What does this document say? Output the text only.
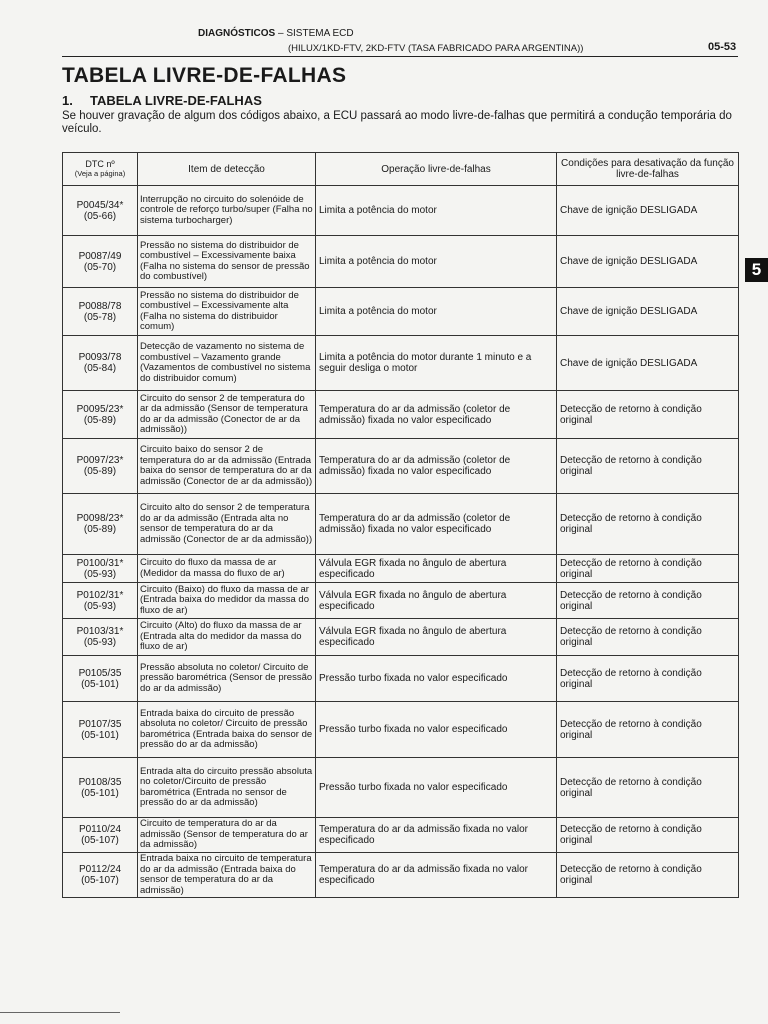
DIAGNÓSTICOS – SISTEMA ECD
(HILUX/1KD-FTV, 2KD-FTV (TASA FABRICADO PARA ARGENTINA))	05-53
TABELA LIVRE-DE-FALHAS
1. TABELA LIVRE-DE-FALHAS
Se houver gravação de algum dos códigos abaixo, a ECU passará ao modo livre-de-falhas que permitirá a condução temporária do veículo.
5
DTC nº
(Veja a página)	Item de detecção	Operação livre-de-falhas	Condições para desativação da função livre-de-falhas

P0045/34*
(05-66)	Interrupção no circuito do solenóide de controle de reforço turbo/super (Falha no sistema turbocharger)	Limita a potência do motor	Chave de ignição DESLIGADA

P0087/49
(05-70)	Pressão no sistema do distribuidor de combustível – Excessivamente baixa (Falha no sistema do sensor de pressão do combustível)	Limita a potência do motor	Chave de ignição DESLIGADA

P0088/78
(05-78)	Pressão no sistema do distribuidor de combustível – Excessivamente alta (Falha no sistema do distribuidor comum)	Limita a potência do motor	Chave de ignição DESLIGADA

P0093/78
(05-84)	Detecção de vazamento no sistema de combustível – Vazamento grande (Vazamentos de combustível no sistema do distribuidor comum)	Limita a potência do motor durante 1 minuto e a seguir desliga o motor	Chave de ignição DESLIGADA

P0095/23*
(05-89)	Circuito do sensor 2 de temperatura do ar da admissão (Sensor de temperatura do ar da admissão (Conector de ar da admissão))	Temperatura do ar da admissão (coletor de admissão) fixada no valor especificado	Detecção de retorno à condição original

P0097/23*
(05-89)	Circuito baixo do sensor 2 de temperatura do ar da admissão (Entrada baixa do sensor de temperatura do ar da admissão (Conector de ar da admissão))	Temperatura do ar da admissão (coletor de admissão) fixada no valor especificado	Detecção de retorno à condição original

P0098/23*
(05-89)	Circuito alto do sensor 2 de temperatura do ar da admissão (Entrada alta no sensor de temperatura do ar da admissão (Conector de ar da admissão))	Temperatura do ar da admissão (coletor de admissão) fixada no valor especificado	Detecção de retorno à condição original

P0100/31*
(05-93)	Circuito do fluxo da massa de ar (Medidor da massa do fluxo de ar)	Válvula EGR fixada no ângulo de abertura especificado	Detecção de retorno à condição original

P0102/31*
(05-93)	Circuito (Baixo) do fluxo da massa de ar (Entrada baixa do medidor da massa do fluxo de ar)	Válvula EGR fixada no ângulo de abertura especificado	Detecção de retorno à condição original

P0103/31*
(05-93)	Circuito (Alto) do fluxo da massa de ar (Entrada alta do medidor da massa do fluxo de ar)	Válvula EGR fixada no ângulo de abertura especificado	Detecção de retorno à condição original

P0105/35
(05-101)	Pressão absoluta no coletor/ Circuito de pressão barométrica (Sensor de pressão do ar da admissão)	Pressão turbo fixada no valor especificado	Detecção de retorno à condição original

P0107/35
(05-101)	Entrada baixa do circuito de pressão absoluta no coletor/ Circuito de pressão barométrica (Entrada baixa do sensor de pressão do ar da admissão)	Pressão turbo fixada no valor especificado	Detecção de retorno à condição original

P0108/35
(05-101)	Entrada alta do circuito pressão absoluta no coletor/Circuito de pressão barométrica (Entrada no sensor de pressão do ar da admissão)	Pressão turbo fixada no valor especificado	Detecção de retorno à condição original

P0110/24
(05-107)	Circuito de temperatura do ar da admissão (Sensor de temperatura do ar da admissão)	Temperatura do ar da admissão fixada no valor especificado	Detecção de retorno à condição original

P0112/24
(05-107)	Entrada baixa no circuito de temperatura do ar da admissão (Entrada baixa do sensor de temperatura do ar da admissão)	Temperatura do ar da admissão fixada no valor especificado	Detecção de retorno à condição original
